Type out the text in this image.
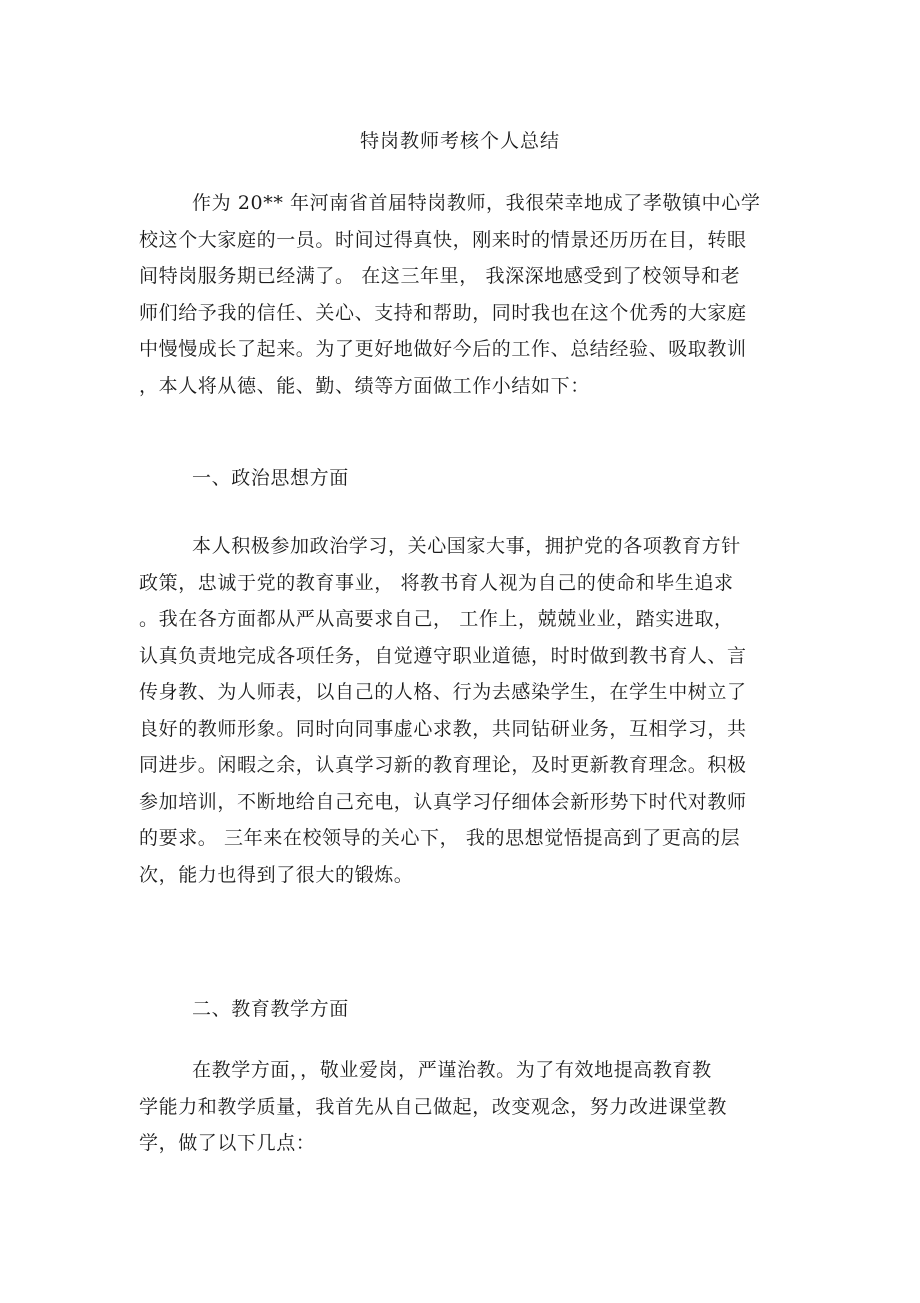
特岗教师考核个人总结
作为 20** 年河南省首届特岗教师，我很荣幸地成了孝敬镇中心学
校这个大家庭的一员。时间过得真快，刚来时的情景还历历在目，转眼
间特岗服务期已经满了。 在这三年里， 我深深地感受到了校领导和老
师们给予我的信任、关心、支持和帮助，同时我也在这个优秀的大家庭
中慢慢成长了起来。为了更好地做好今后的工作、总结经验、吸取教训
，本人将从德、能、勤、绩等方面做工作小结如下：
一、政治思想方面
本人积极参加政治学习，关心国家大事，拥护党的各项教育方针
政策，忠诚于党的教育事业， 将教书育人视为自己的使命和毕生追求
。我在各方面都从严从高要求自己， 工作上，兢兢业业，踏实进取，
认真负责地完成各项任务，自觉遵守职业道德，时时做到教书育人、言
传身教、为人师表，以自己的人格、行为去感染学生，在学生中树立了
良好的教师形象。同时向同事虚心求教，共同钻研业务，互相学习，共
同进步。闲暇之余，认真学习新的教育理论，及时更新教育理念。积极
参加培训，不断地给自己充电，认真学习仔细体会新形势下时代对教师
的要求。 三年来在校领导的关心下， 我的思想觉悟提高到了更高的层
次，能力也得到了很大的锻炼。
二、教育教学方面
在教学方面，，敬业爱岗，严谨治教。为了有效地提高教育教
学能力和教学质量，我首先从自己做起，改变观念，努力改进课堂教
学，做了以下几点：
